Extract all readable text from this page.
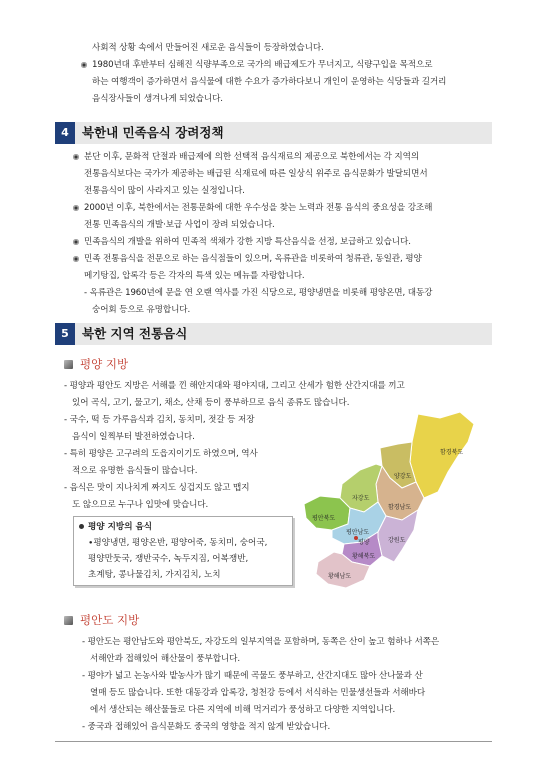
사회적 상황 속에서 만들어진 새로운 음식들이 등장하였습니다.
1980년대 후반부터 심해진 식량부족으로 국가의 배급제도가 무너지고, 식량구입을 목적으로
하는 여행객이 증가하면서 음식물에 대한 수요가 증가하다보니 개인이 운영하는 식당들과 길거리
음식장사들이 생겨나게 되었습니다.
4	북한내 민족음식 장려정책
분단 이후, 문화적 단절과 배급제에 의한 선택적 음식재료의 제공으로 북한에서는 각 지역의
전통음식보다는 국가가 제공하는 배급된 식재료에 따른 일상식 위주로 음식문화가 발달되면서
전통음식이 많이 사라지고 있는 실정입니다.
2000년 이후, 북한에서는 전통문화에 대한 우수성을 찾는 노력과 전통 음식의 중요성을 강조해
전통 민족음식의 개발·보급 사업이 장려 되었습니다.
민족음식의 개발을 위하여 민족적 색채가 강한 지방 특산음식을 선정, 보급하고 있습니다.
민족 전통음식을 전문으로 하는 음식점들이 있으며, 옥류관을 비롯하여 청류관, 동일관, 평양
메기탕집, 압록각 등은 각자의 특색 있는 메뉴를 자랑합니다.
- 옥류관은 1960년에 문을 연 오랜 역사를 가진 식당으로, 평양냉면을 비롯해 평양온면, 대동강
숭어회 등으로 유명합니다.
5	북한 지역 전통음식
평양 지방
- 평양과 평안도 지방은 서해를 낀 해안지대와 평야지대, 그리고 산세가 험한 산간지대를 끼고
있어 곡식, 고기, 물고기, 채소, 산채 등이 풍부하므로 음식 종류도 많습니다.
- 국수, 떡 등 가루음식과 김치, 동치미, 젓갈 등 저장
음식이 일찍부터 발전하였습니다.
- 특히 평양은 고구려의 도읍지이기도 하였으며, 역사
적으로 유명한 음식들이 많습니다.
- 음식은 맛이 지나치게 짜지도 싱겁지도 않고 맵지
도 않으므로 누구나 입맛에 맞습니다.
평양 지방의 음식
∙평양냉면, 평양온반, 평양어죽, 동치미, 숭어국,
평양만둣국, 쟁반국수, 녹두지짐, 어복쟁반,
초계탕, 콩나물김치, 가지김치, 노치
함경북도
양강도
함경남도
자강도
평안북도
평안남도
평양	강원도
황해북도
황해남도
평안도 지방
- 평안도는 평안남도와 평안북도, 자강도의 일부지역을 포함하며, 동쪽은 산이 높고 험하나 서쪽은
서해안과 접해있어 해산물이 풍부합니다.
- 평야가 넓고 논농사와 밭농사가 많기 때문에 곡물도 풍부하고, 산간지대도 많아 산나물과 산
열매 등도 많습니다. 또한 대동강과 압록강, 청천강 등에서 서식하는 민물생선들과 서해바다
에서 생산되는 해산물들로 다른 지역에 비해 먹거리가 풍성하고 다양한 지역입니다.
- 중국과 접해있어 음식문화도 중국의 영향을 적지 않게 받았습니다.
